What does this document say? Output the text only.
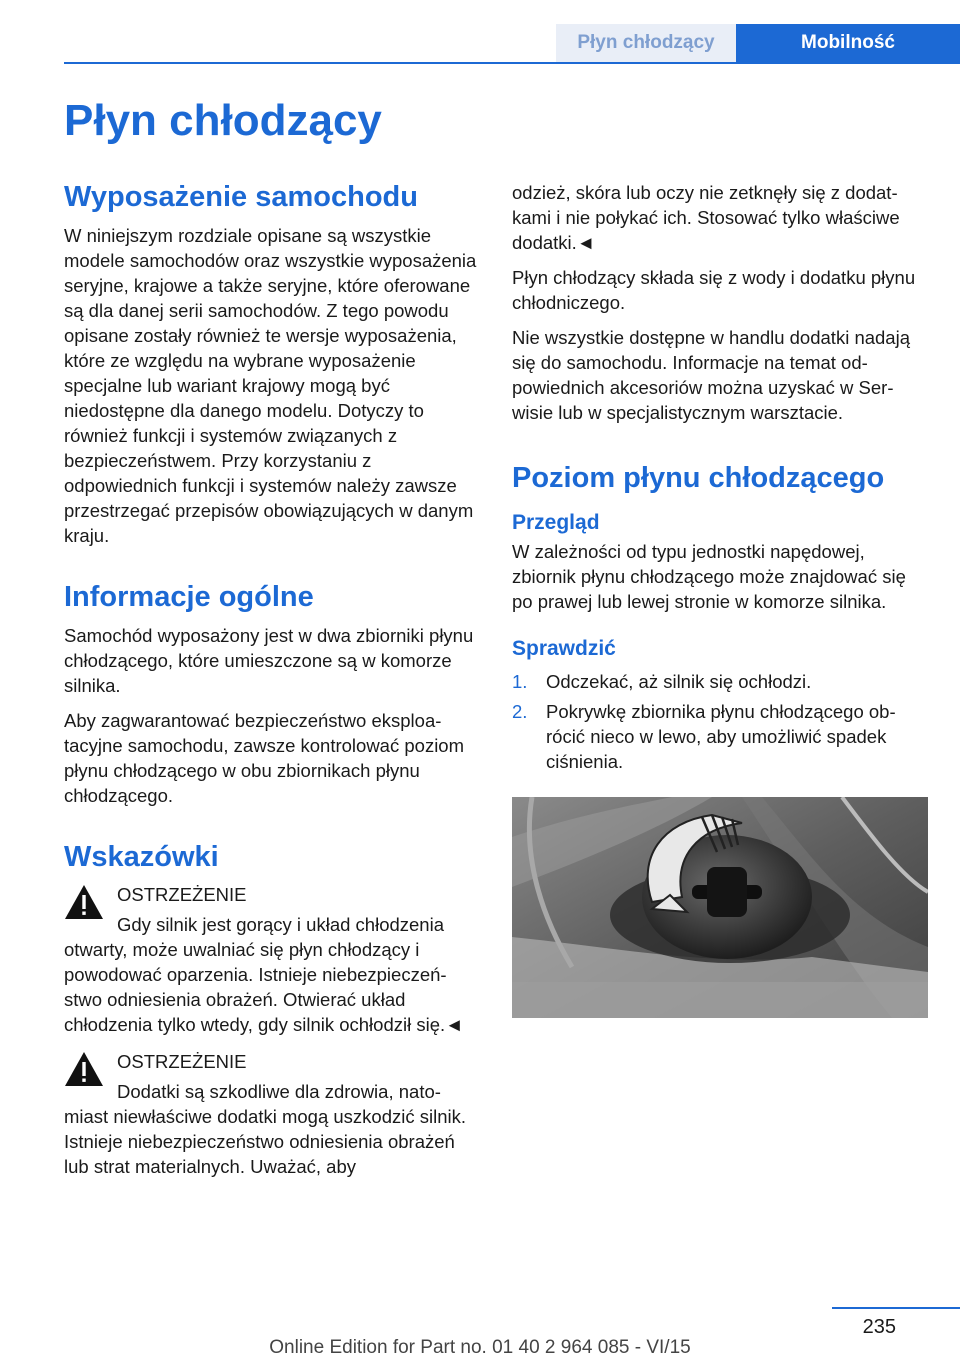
Płyn chłodzący	Mobilność
Płyn chłodzący
Wyposażenie samochodu

W niniejszym rozdziale opisane są wszystkie modele samochodów oraz wszystkie wyposażenia seryjne, krajowe a także seryjne, które oferowane są dla danej serii samochodów. Z tego powodu opisane zostały również te wersje wyposażenia, które ze względu na wybrane wyposażenie specjalne lub wariant krajowy mogą być niedostępne dla danego modelu. Dotyczy to również funkcji i systemów związanych z bezpieczeństwem. Przy korzystaniu z odpowiednich funkcji i systemów należy zawsze przestrzegać przepisów obowiązujących w danym kraju.

Informacje ogólne

Samochód wyposażony jest w dwa zbiorniki płynu chłodzącego, które umieszczone są w komorze silnika.

Aby zagwarantować bezpieczeństwo eksploatacyjne samochodu, zawsze kontrolować poziom płynu chłodzącego w obu zbiornikach płynu chłodzącego.

Wskazówki
OSTRZEŻENIE
Gdy silnik jest gorący i układ chłodzenia otwarty, może uwalniać się płyn chłodzący i powodować oparzenia. Istnieje niebezpieczeństwo odniesienia obrażeń. Otwierać układ chłodzenia tylko wtedy, gdy silnik ochłodził się.◄
OSTRZEŻENIE
Dodatki są szkodliwe dla zdrowia, natomiast niewłaściwe dodatki mogą uszkodzić silnik. Istnieje niebezpieczeństwo odniesienia obrażeń lub strat materialnych. Uważać, aby

odzież, skóra lub oczy nie zetknęły się z dodatkami i nie połykać ich. Stosować tylko właściwe dodatki.◄

Płyn chłodzący składa się z wody i dodatku płynu chłodniczego.

Nie wszystkie dostępne w handlu dodatki nadają się do samochodu. Informacje na temat odpowiednich akcesoriów można uzyskać w Serwisie lub w specjalistycznym warsztacie.

Poziom płynu chłodzącego
Przegląd

W zależności od typu jednostki napędowej, zbiornik płynu chłodzącego może znajdować się po prawej lub lewej stronie w komorze silnika.

Sprawdzić
1. Odczekać, aż silnik się ochłodzi.
2. Pokrywkę zbiornika płynu chłodzącego obrócić nieco w lewo, aby umożliwić spadek ciśnienia.
235
Online Edition for Part no. 01 40 2 964 085 - VI/15
